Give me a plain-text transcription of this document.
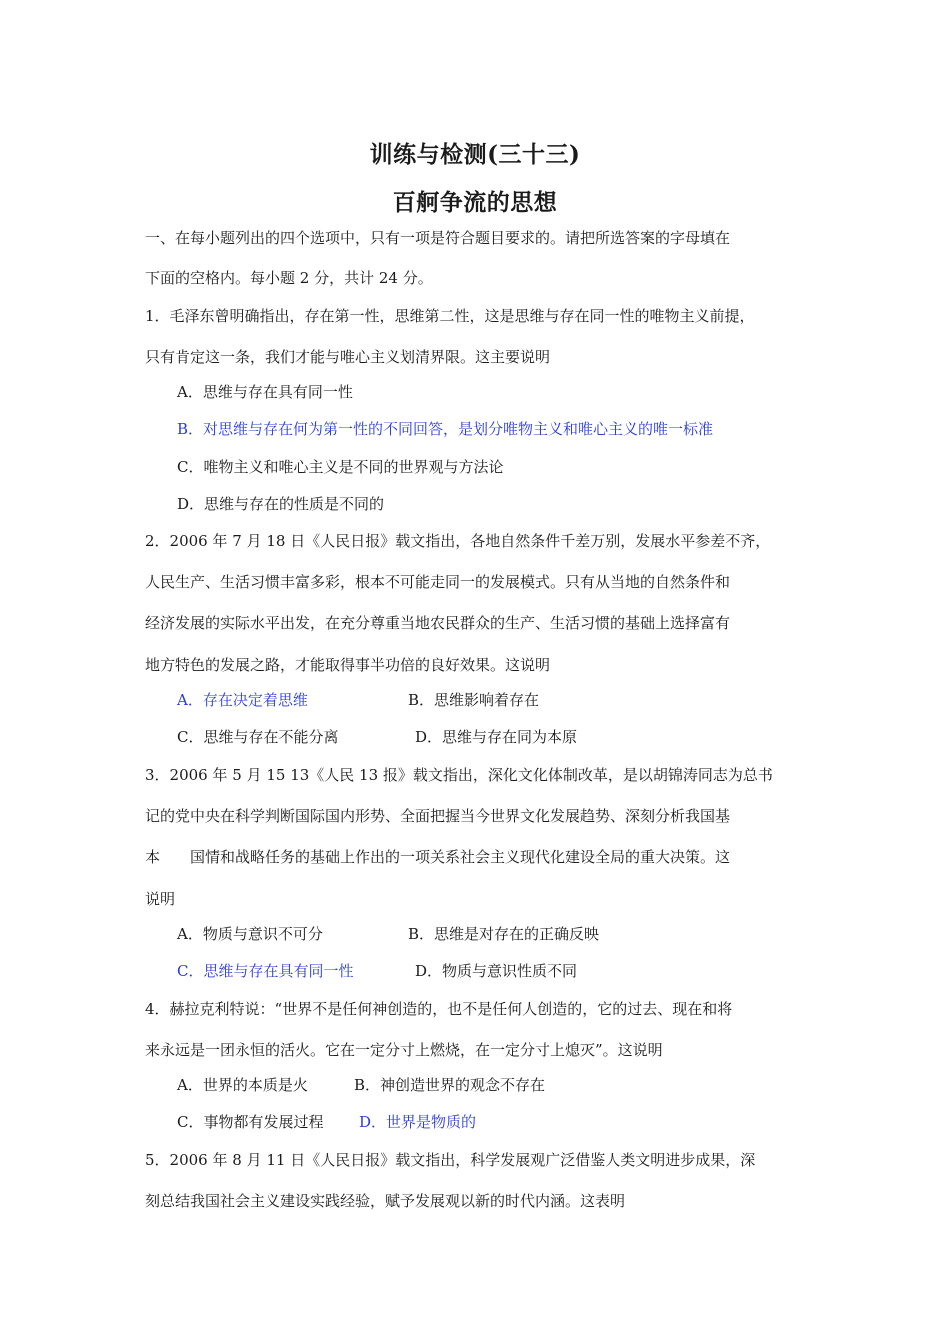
训练与检测(三十三)
百舸争流的思想
一、在每小题列出的四个选项中，只有一项是符合题目要求的。请把所选答案的字母填在
下面的空格内。每小题 2 分，共计 24 分。
1．毛泽东曾明确指出，存在第一性，思维第二性，这是思维与存在同一性的唯物主义前提，
只有肯定这一条，我们才能与唯心主义划清界限。这主要说明
A．思维与存在具有同一性
B．对思维与存在何为第一性的不同回答，是划分唯物主义和唯心主义的唯一标准
C．唯物主义和唯心主义是不同的世界观与方法论
D．思维与存在的性质是不同的
2．2006 年 7 月 18 日《人民日报》载文指出，各地自然条件千差万别，发展水平参差不齐，
人民生产、生活习惯丰富多彩，根本不可能走同一的发展模式。只有从当地的自然条件和
经济发展的实际水平出发，在充分尊重当地农民群众的生产、生活习惯的基础上选择富有
地方特色的发展之路，才能取得事半功倍的良好效果。这说明
A．存在决定着思维	B．思维影响着存在
C．思维与存在不能分离	D．思维与存在同为本原
3．2006 年 5 月 15 13《人民 13 报》载文指出，深化文化体制改革，是以胡锦涛同志为总书
记的党中央在科学判断国际国内形势、全面把握当今世界文化发展趋势、深刻分析我国基
本　　国情和战略任务的基础上作出的一项关系社会主义现代化建设全局的重大决策。这
说明
A．物质与意识不可分	B．思维是对存在的正确反映
C．思维与存在具有同一性	D．物质与意识性质不同
4．赫拉克利特说：“世界不是任何神创造的，也不是任何人创造的，它的过去、现在和将
来永远是一团永恒的活火。它在一定分寸上燃烧，在一定分寸上熄灭”。这说明
A．世界的本质是火	B．神创造世界的观念不存在
C．事物都有发展过程 D．世界是物质的
5．2006 年 8 月 11 日《人民日报》载文指出，科学发展观广泛借鉴人类文明进步成果，深
刻总结我国社会主义建设实践经验，赋予发展观以新的时代内涵。这表明
